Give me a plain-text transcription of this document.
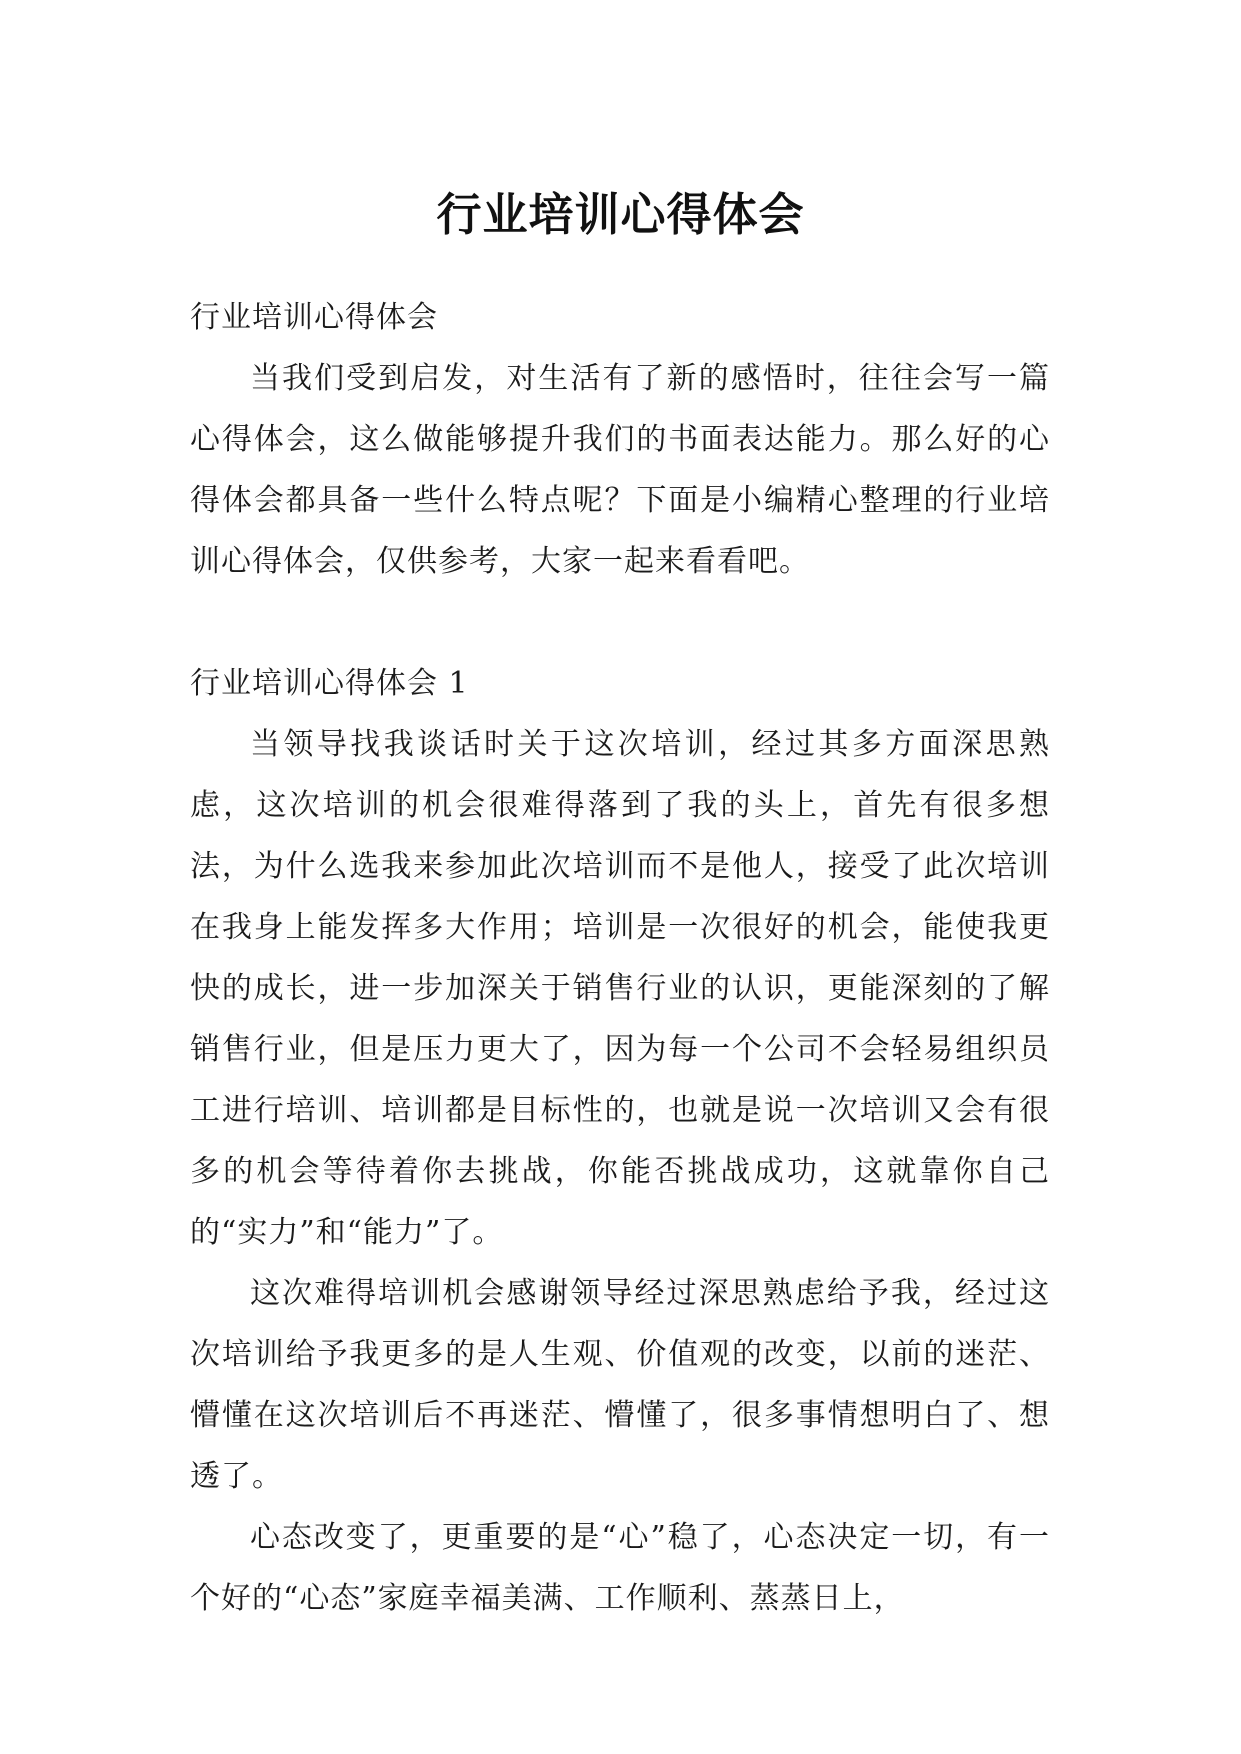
行业培训心得体会

行业培训心得体会

当我们受到启发，对生活有了新的感悟时，往往会写一篇心得体会，这么做能够提升我们的书面表达能力。那么好的心得体会都具备一些什么特点呢？下面是小编精心整理的行业培训心得体会，仅供参考，大家一起来看看吧。

行业培训心得体会 1

当领导找我谈话时关于这次培训，经过其多方面深思熟虑，这次培训的机会很难得落到了我的头上，首先有很多想法，为什么选我来参加此次培训而不是他人，接受了此次培训在我身上能发挥多大作用；培训是一次很好的机会，能使我更快的成长，进一步加深关于销售行业的认识，更能深刻的了解销售行业，但是压力更大了，因为每一个公司不会轻易组织员工进行培训、培训都是目标性的，也就是说一次培训又会有很多的机会等待着你去挑战，你能否挑战成功，这就靠你自己的“实力”和“能力”了。

这次难得培训机会感谢领导经过深思熟虑给予我，经过这次培训给予我更多的是人生观、价值观的改变，以前的迷茫、懵懂在这次培训后不再迷茫、懵懂了，很多事情想明白了、想透了。

心态改变了，更重要的是“心”稳了，心态决定一切，有一个好的“心态”家庭幸福美满、工作顺利、蒸蒸日上，
